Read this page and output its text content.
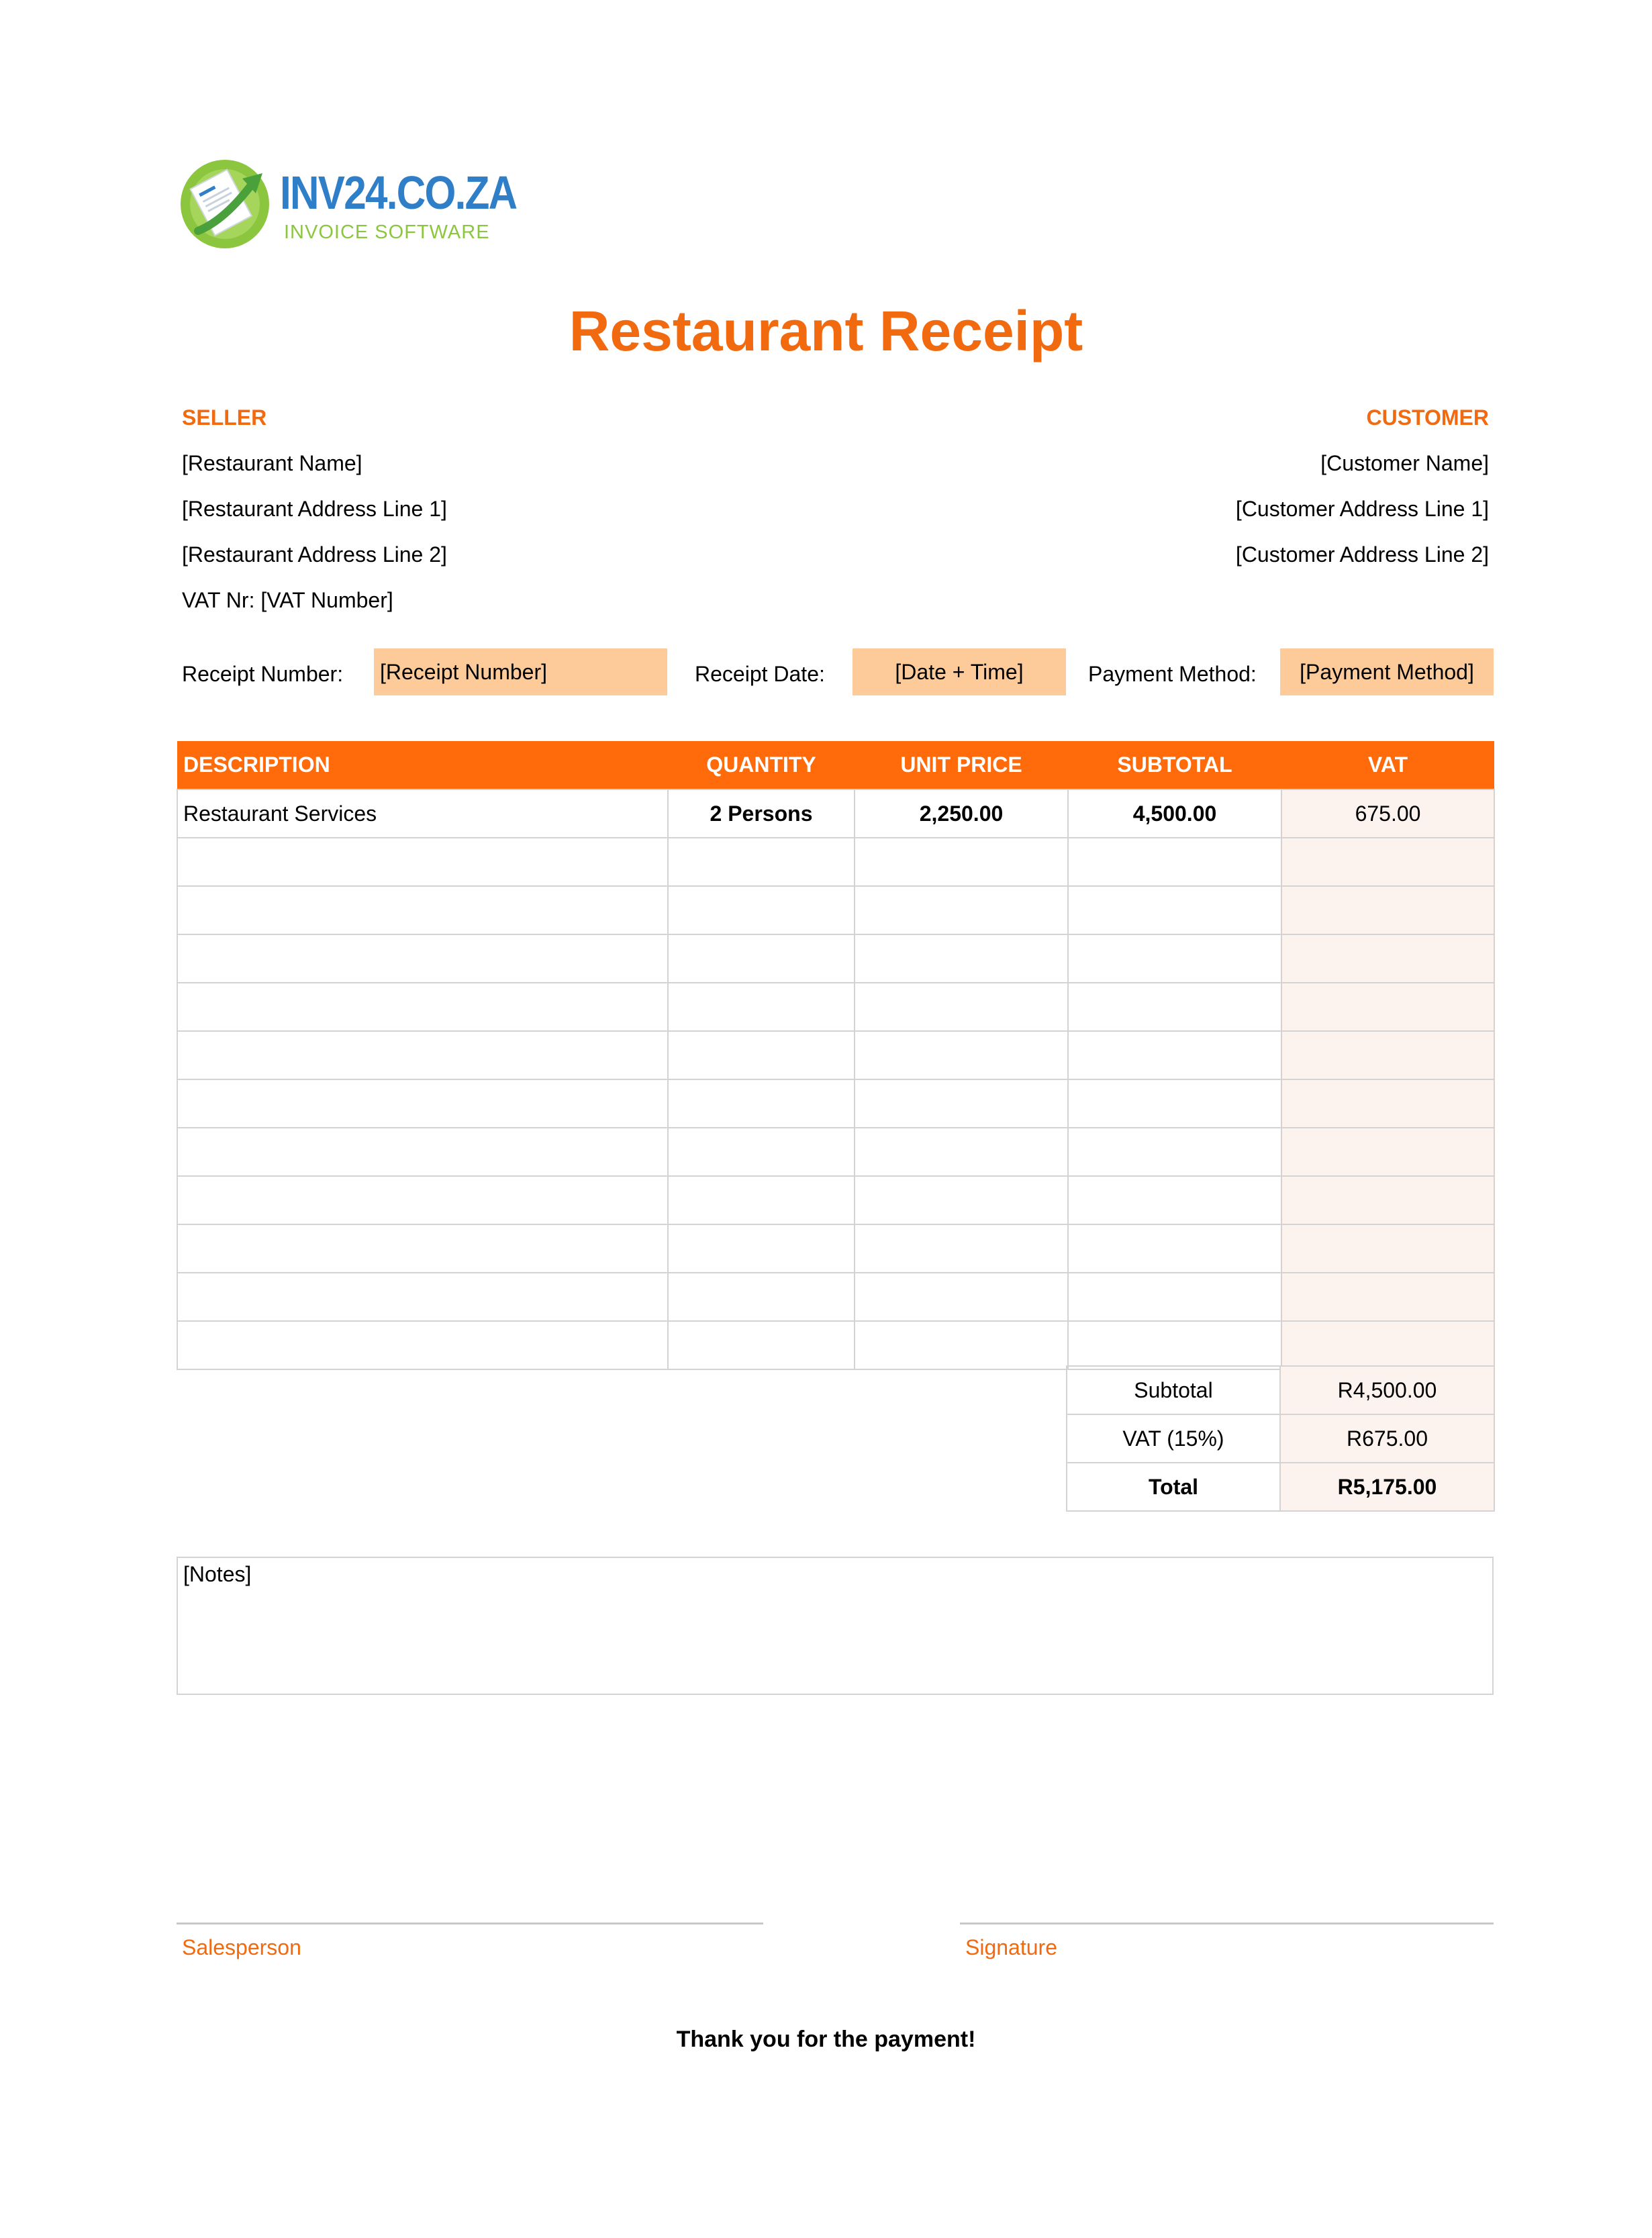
INV24.CO.ZA
INVOICE SOFTWARE
Restaurant Receipt
SELLER
[Restaurant Name]
[Restaurant Address Line 1]
[Restaurant Address Line 2]
VAT Nr: [VAT Number]
CUSTOMER
[Customer Name]
[Customer Address Line 1]
[Customer Address Line 2]
Receipt Number: [Receipt Number]	Receipt Date:	[Date + Time]	Payment Method:	[Payment Method]
DESCRIPTION	QUANTITY	UNIT PRICE	SUBTOTAL	VAT
Restaurant Services	2 Persons	2,250.00	4,500.00	675.00

Subtotal	R4,500.00
VAT (15%)	R675.00
Total	R5,175.00
[Notes]
Salesperson	Signature
Thank you for the payment!
